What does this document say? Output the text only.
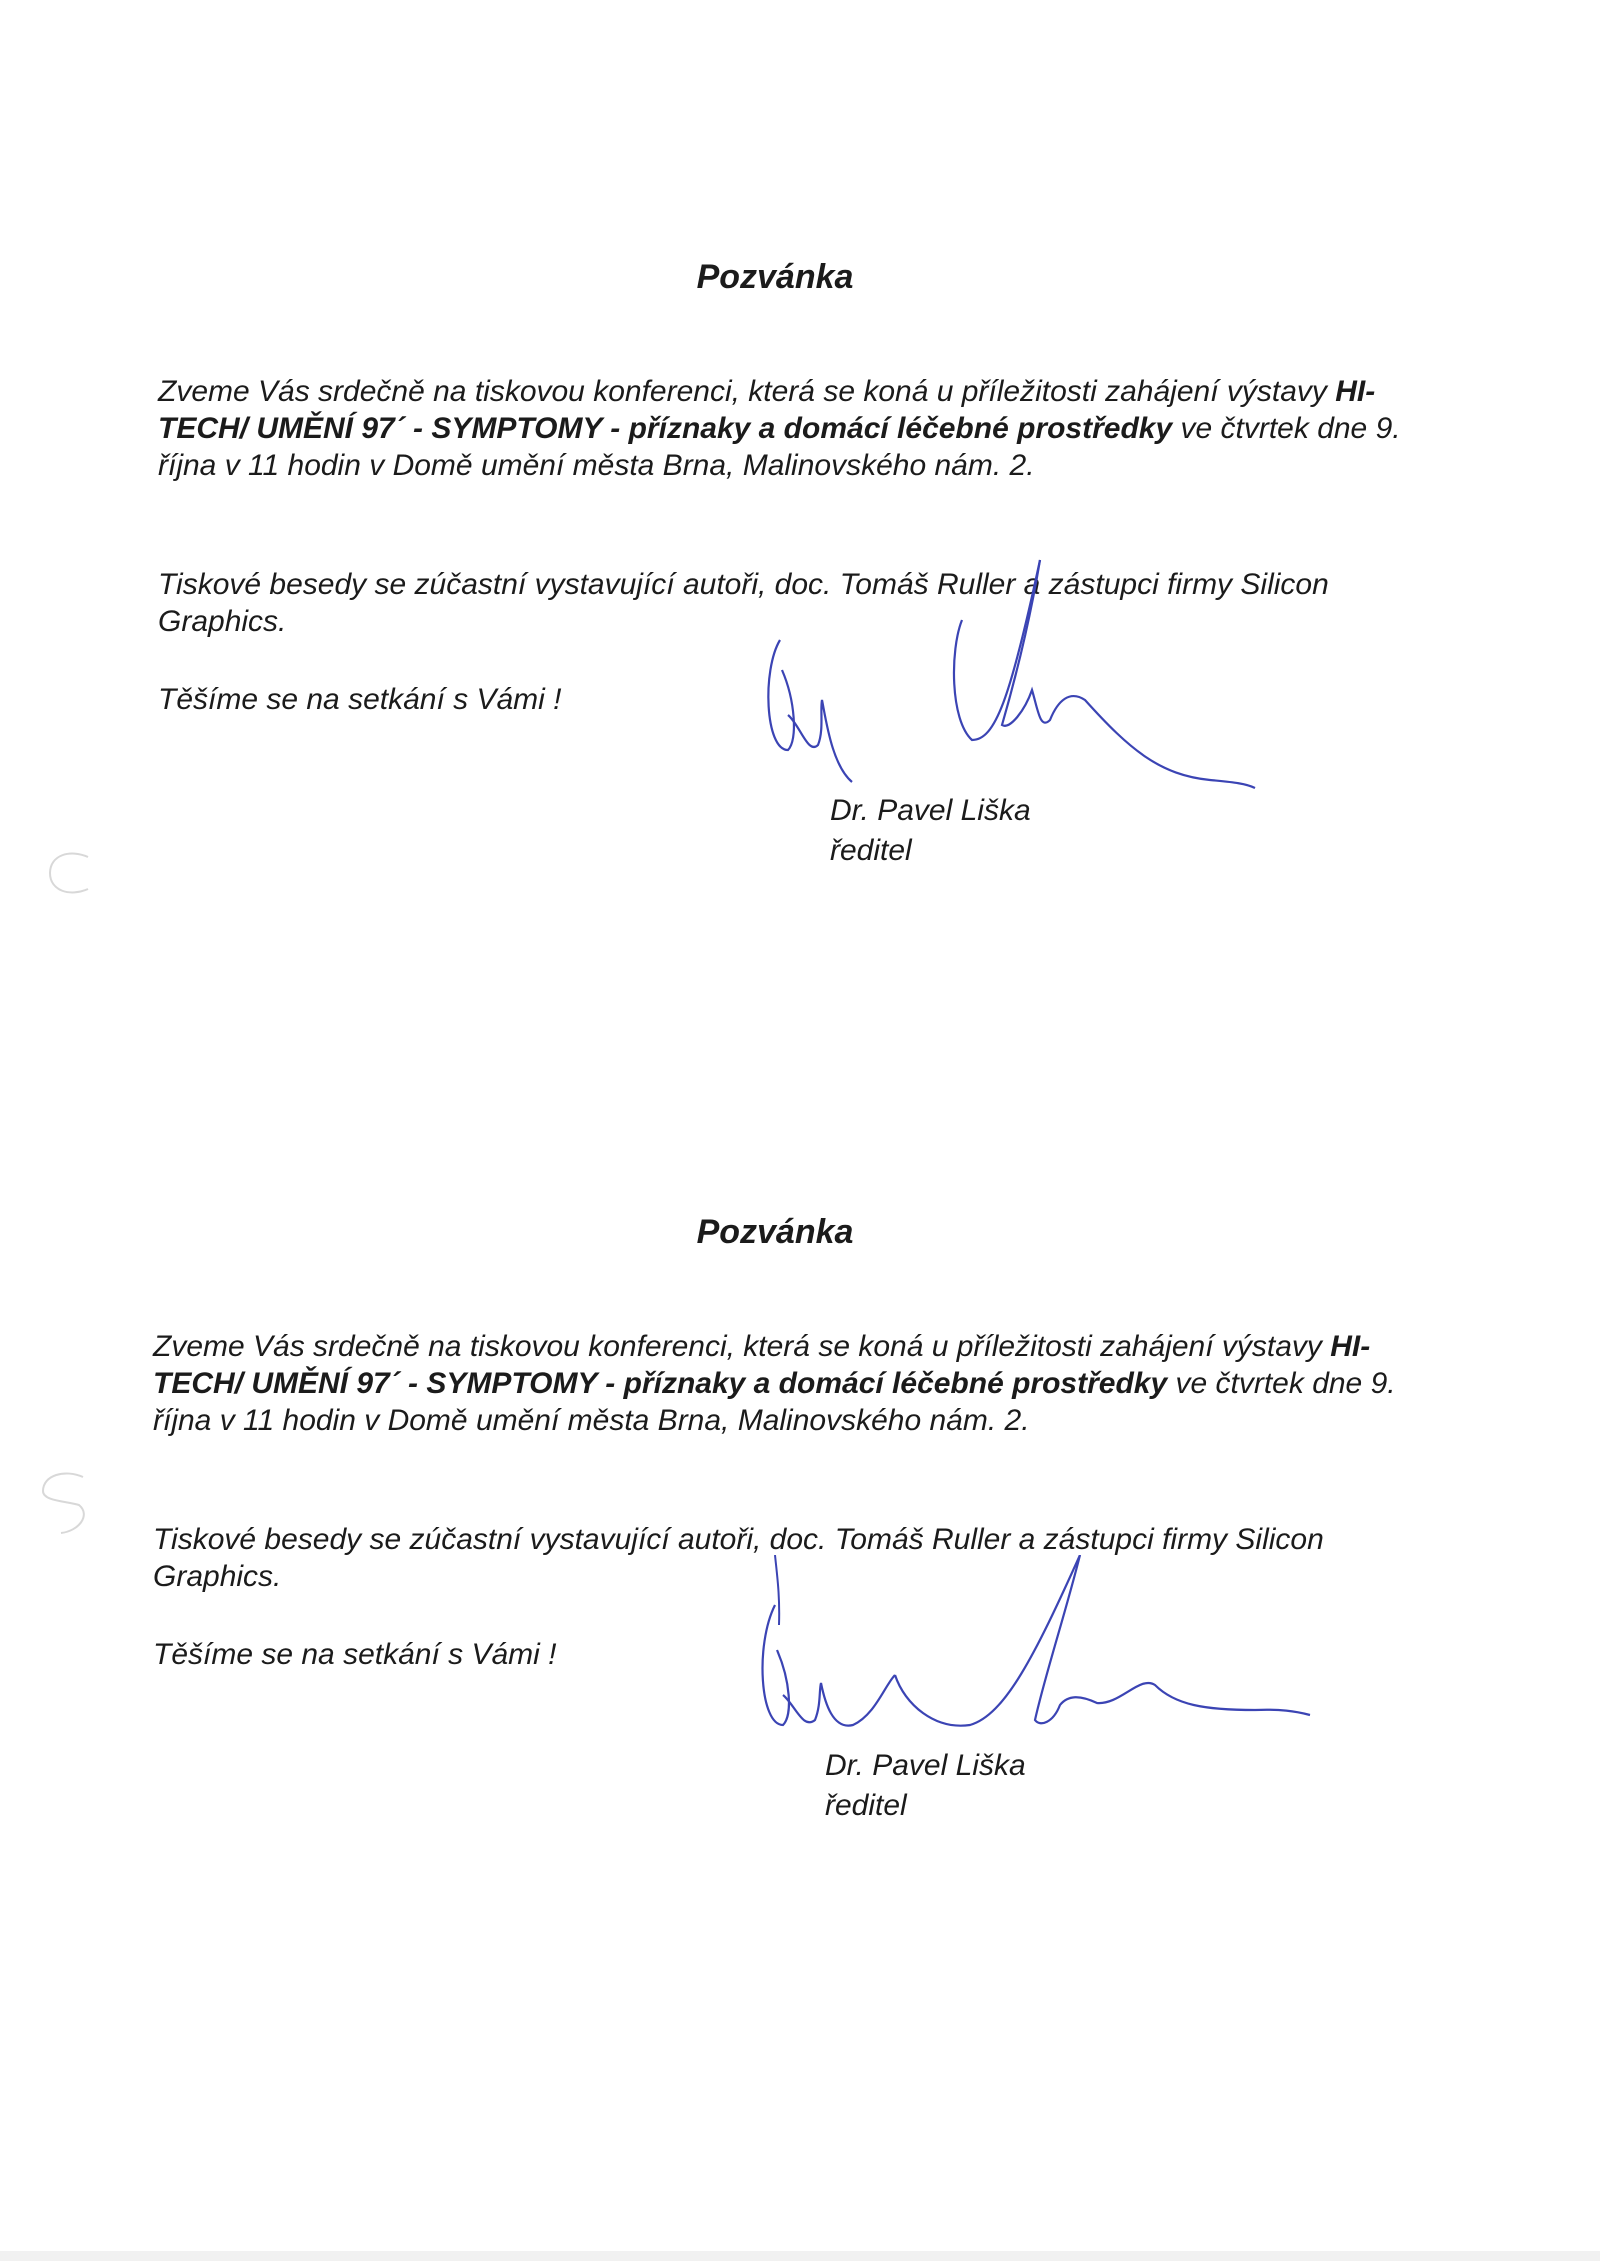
Pozvánka

Zveme Vás srdečně na tiskovou konferenci, která se koná u příležitosti zahájení výstavy HI-TECH/ UMĚNÍ 97´ - SYMPTOMY - příznaky a domácí léčebné prostředky ve čtvrtek dne 9. října v 11 hodin v Domě umění města Brna, Malinovského nám. 2.

Tiskové besedy se zúčastní vystavující autoři, doc. Tomáš Ruller a zástupci firmy Silicon Graphics.

Těšíme se na setkání s Vámi !

Dr. Pavel Liška
ředitel
Pozvánka

Zveme Vás srdečně na tiskovou konferenci, která se koná u příležitosti zahájení výstavy HI-TECH/ UMĚNÍ 97´ - SYMPTOMY - příznaky a domácí léčebné prostředky ve čtvrtek dne 9. října v 11 hodin v Domě umění města Brna, Malinovského nám. 2.

Tiskové besedy se zúčastní vystavující autoři, doc. Tomáš Ruller a zástupci firmy Silicon Graphics.

Těšíme se na setkání s Vámi !

Dr. Pavel Liška
ředitel
